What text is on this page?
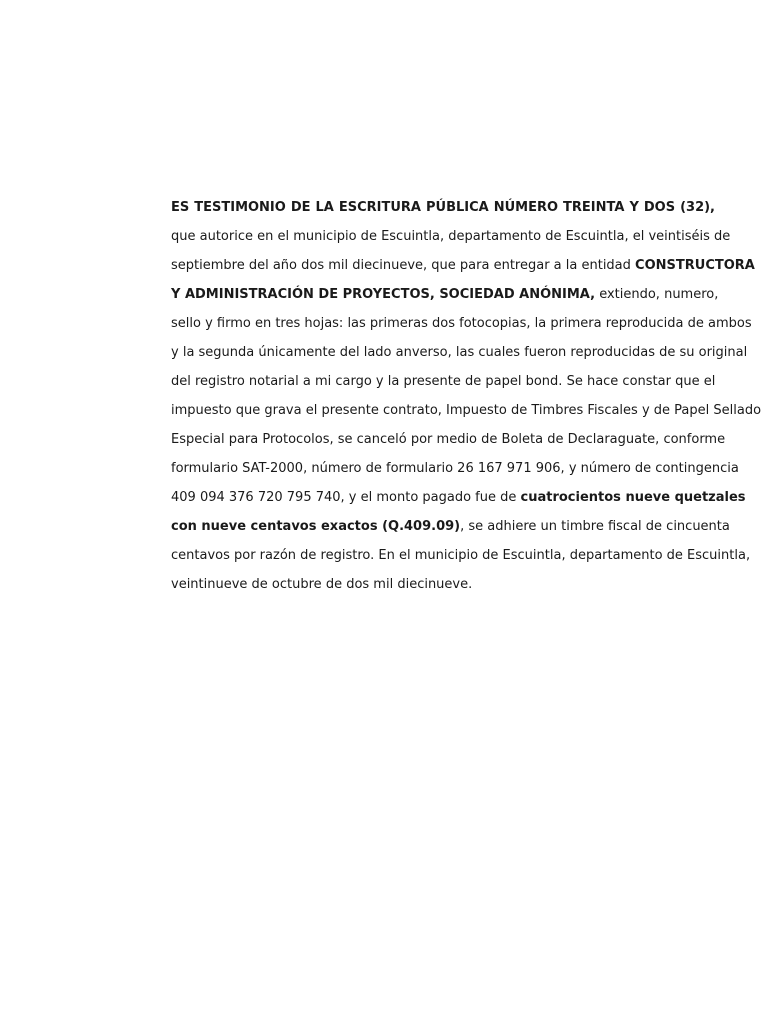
ES TESTIMONIO DE LA ESCRITURA PÚBLICA NÚMERO TREINTA Y DOS (32),
que autorice en el municipio de Escuintla, departamento de Escuintla, el veintiséis de
septiembre del año dos mil diecinueve, que para entregar a la entidad CONSTRUCTORA
Y ADMINISTRACIÓN DE PROYECTOS, SOCIEDAD ANÓNIMA, extiendo, numero,
sello y firmo en tres hojas: las primeras dos fotocopias, la primera reproducida de ambos
y la segunda únicamente del lado anverso, las cuales fueron reproducidas de su original
del registro notarial a mi cargo y la presente de papel bond. Se hace constar que el
impuesto que grava el presente contrato, Impuesto de Timbres Fiscales y de Papel Sellado
Especial para Protocolos, se canceló por medio de Boleta de Declaraguate, conforme
formulario SAT-2000, número de formulario 26 167 971 906, y número de contingencia
409 094 376 720 795 740, y el monto pagado fue de cuatrocientos nueve quetzales
con nueve centavos exactos (Q.409.09), se adhiere un timbre fiscal de cincuenta
centavos por razón de registro. En el municipio de Escuintla, departamento de Escuintla,
veintinueve de octubre de dos mil diecinueve.
